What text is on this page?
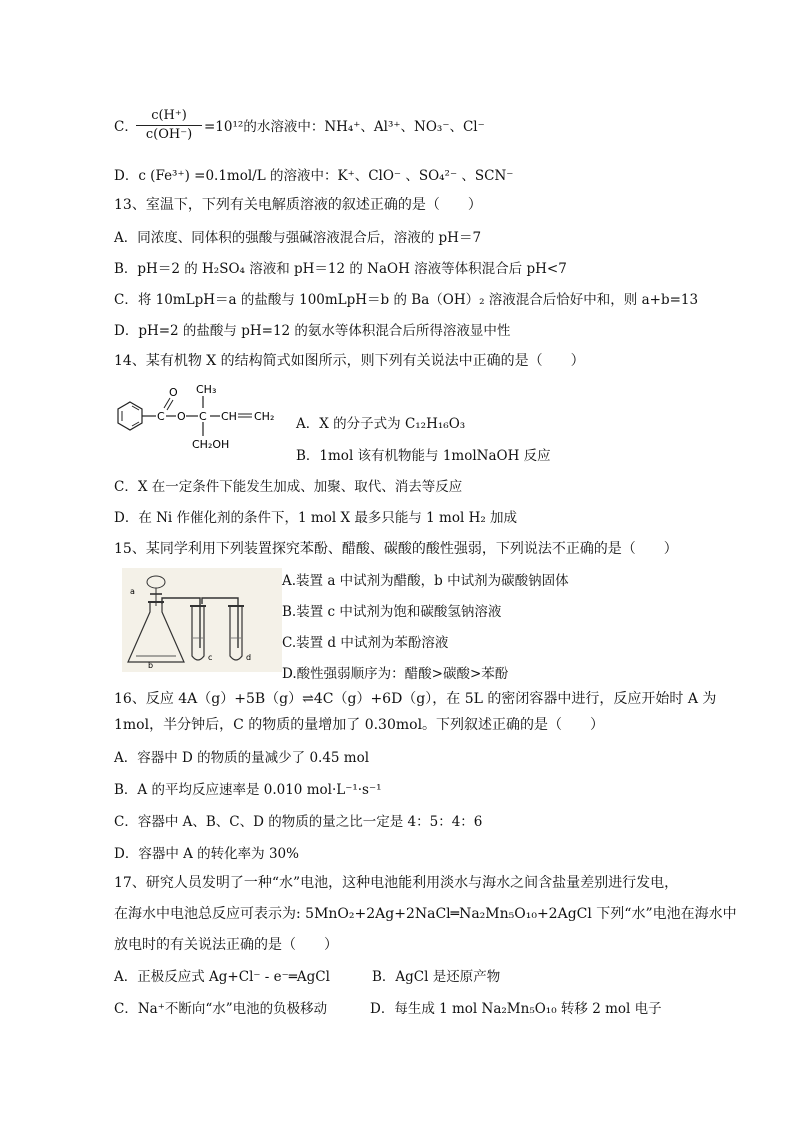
C．
c(H⁺)
c(OH⁻) =10¹²的水溶液中：NH₄⁺、Al³⁺、NO₃⁻、Cl⁻
D．c (Fe³⁺) =0.1mol/L 的溶液中：K⁺、ClO⁻ 、SO₄²⁻ 、SCN⁻
13、室温下，下列有关电解质溶液的叙述正确的是（　　）
A．同浓度、同体积的强酸与强碱溶液混合后，溶液的 pH＝7
B．pH＝2 的 H₂SO₄ 溶液和 pH＝12 的 NaOH 溶液等体积混合后 pH<7
C．将 10mLpH＝a 的盐酸与 100mLpH＝b 的 Ba（OH）₂ 溶液混合后恰好中和，则 a+b=13
D．pH=2 的盐酸与 pH=12 的氨水等体积混合后所得溶液显中性
14、某有机物 X 的结构简式如图所示，则下列有关说法中正确的是（　　）
C
O
O C
CH₃
CH₂OH
CH CH₂ A．X 的分子式为 C₁₂H₁₆O₃
B．1mol 该有机物能与 1molNaOH 反应
C．X 在一定条件下能发生加成、加聚、取代、消去等反应
D．在 Ni 作催化剂的条件下，1 mol X 最多只能与 1 mol H₂ 加成
15、某同学利用下列装置探究苯酚、醋酸、碳酸的酸性强弱，下列说法不正确的是（　　）
a
b
c	d
A.装置 a 中试剂为醋酸，b 中试剂为碳酸钠固体
B.装置 c 中试剂为饱和碳酸氢钠溶液
C.装置 d 中试剂为苯酚溶液
D.酸性强弱顺序为：醋酸>碳酸>苯酚
16、反应 4A（g）+5B（g）⇌4C（g）+6D（g），在 5L 的密闭容器中进行，反应开始时 A 为
1mol，半分钟后，C 的物质的量增加了 0.30mol。下列叙述正确的是（　　）
A．容器中 D 的物质的量减少了 0.45 mol
B．A 的平均反应速率是 0.010 mol·L⁻¹·s⁻¹
C．容器中 A、B、C、D 的物质的量之比一定是 4：5：4：6
D．容器中 A 的转化率为 30%
17、研究人员发明了一种“水”电池，这种电池能利用淡水与海水之间含盐量差别进行发电，
在海水中电池总反应可表示为: 5MnO₂+2Ag+2NaCl═Na₂Mn₅O₁₀+2AgCl 下列“水”电池在海水中
放电时的有关说法正确的是（　　）
A．正极反应式 Ag+Cl⁻ - e⁻═AgCl	B．AgCl 是还原产物
C．Na⁺不断向“水”电池的负极移动	D．每生成 1 mol Na₂Mn₅O₁₀ 转移 2 mol 电子
